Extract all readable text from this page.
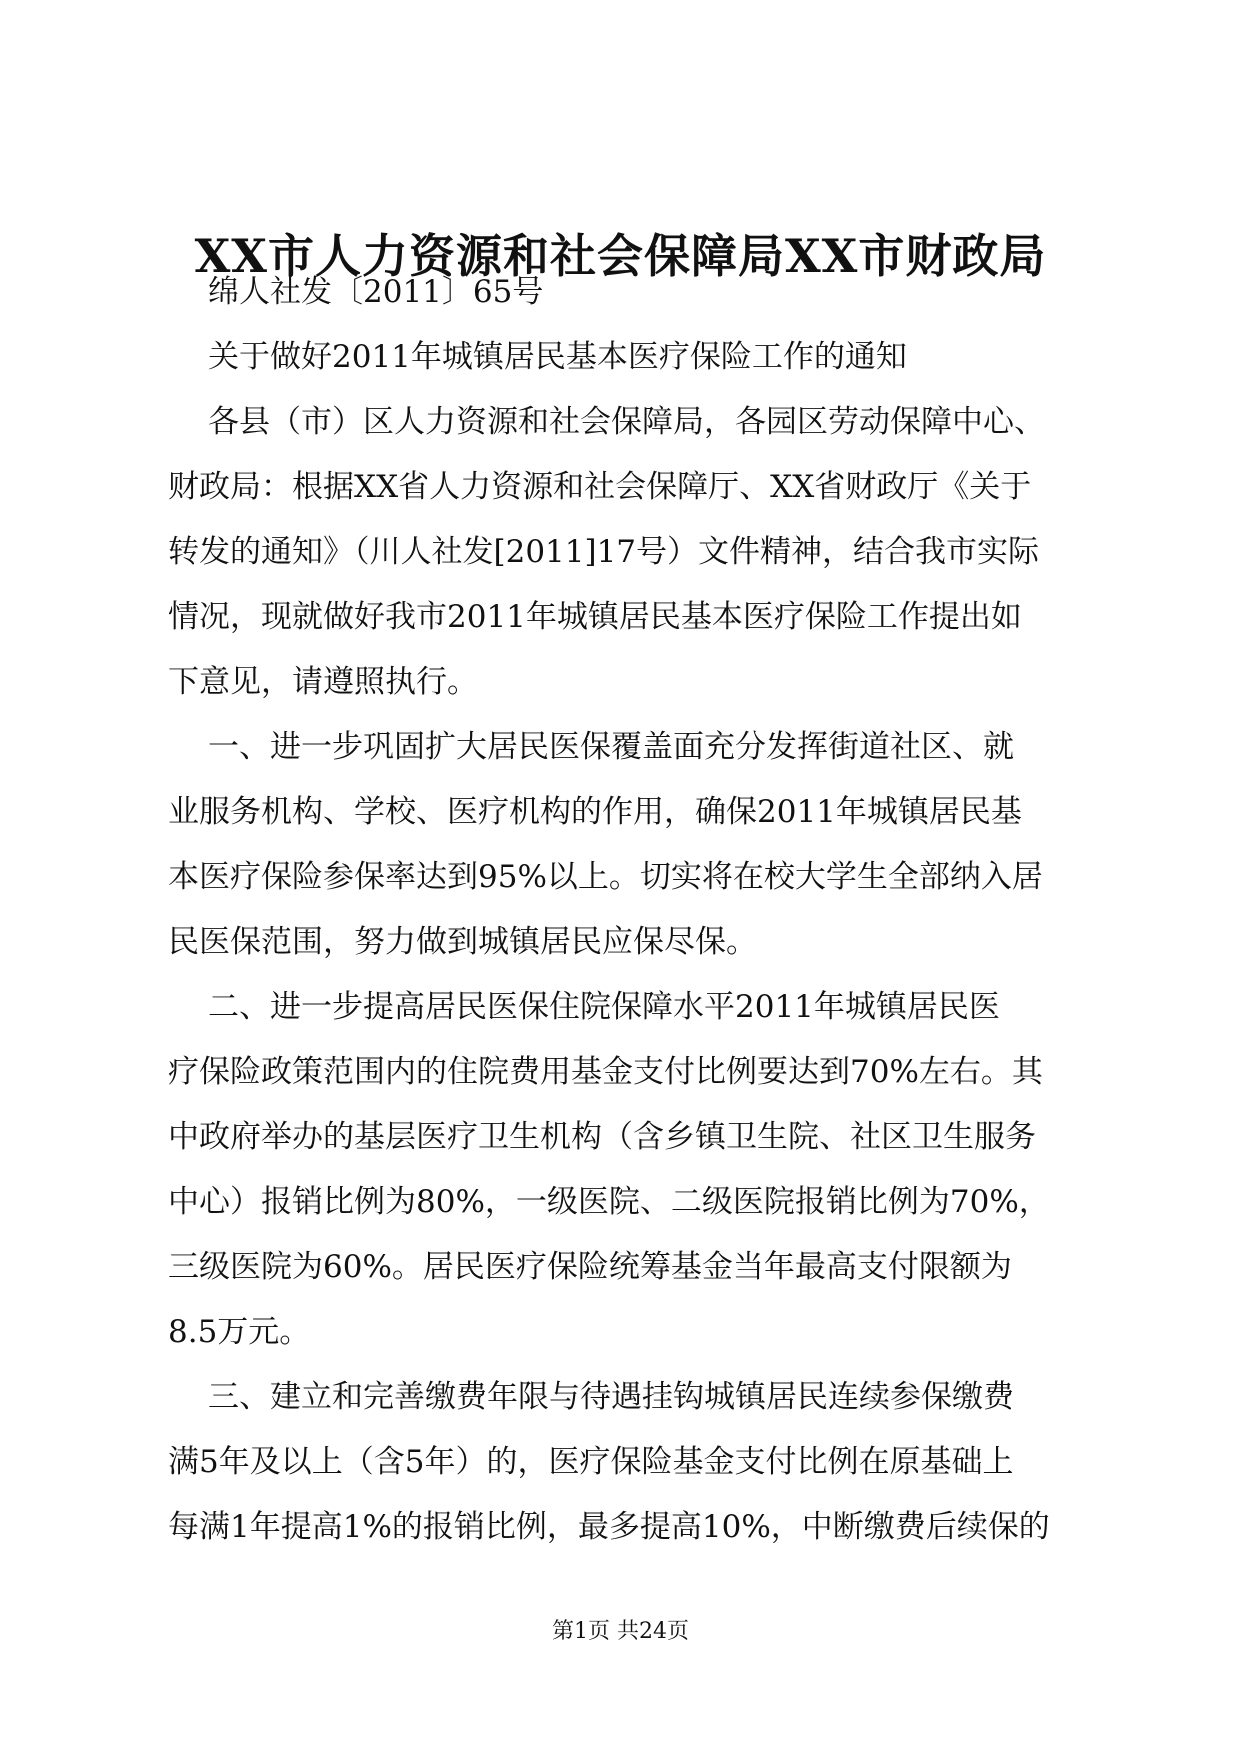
XX市人力资源和社会保障局XX市财政局

绵人社发〔2011〕65号

关于做好2011年城镇居民基本医疗保险工作的通知

各县（市）区人力资源和社会保障局，各园区劳动保障中心、

财政局：根据XX省人力资源和社会保障厅、XX省财政厅《关于

转发的通知》（川人社发[2011]17号）文件精神，结合我市实际

情况，现就做好我市2011年城镇居民基本医疗保险工作提出如

下意见，请遵照执行。

一、进一步巩固扩大居民医保覆盖面充分发挥街道社区、就

业服务机构、学校、医疗机构的作用，确保2011年城镇居民基

本医疗保险参保率达到95%以上。切实将在校大学生全部纳入居

民医保范围，努力做到城镇居民应保尽保。

二、进一步提高居民医保住院保障水平2011年城镇居民医

疗保险政策范围内的住院费用基金支付比例要达到70%左右。其

中政府举办的基层医疗卫生机构（含乡镇卫生院、社区卫生服务

中心）报销比例为80%，一级医院、二级医院报销比例为70%，

三级医院为60%。居民医疗保险统筹基金当年最高支付限额为

8.5万元。

三、建立和完善缴费年限与待遇挂钩城镇居民连续参保缴费

满5年及以上（含5年）的，医疗保险基金支付比例在原基础上

每满1年提高1%的报销比例，最多提高10%，中断缴费后续保的

第1页 共24页
